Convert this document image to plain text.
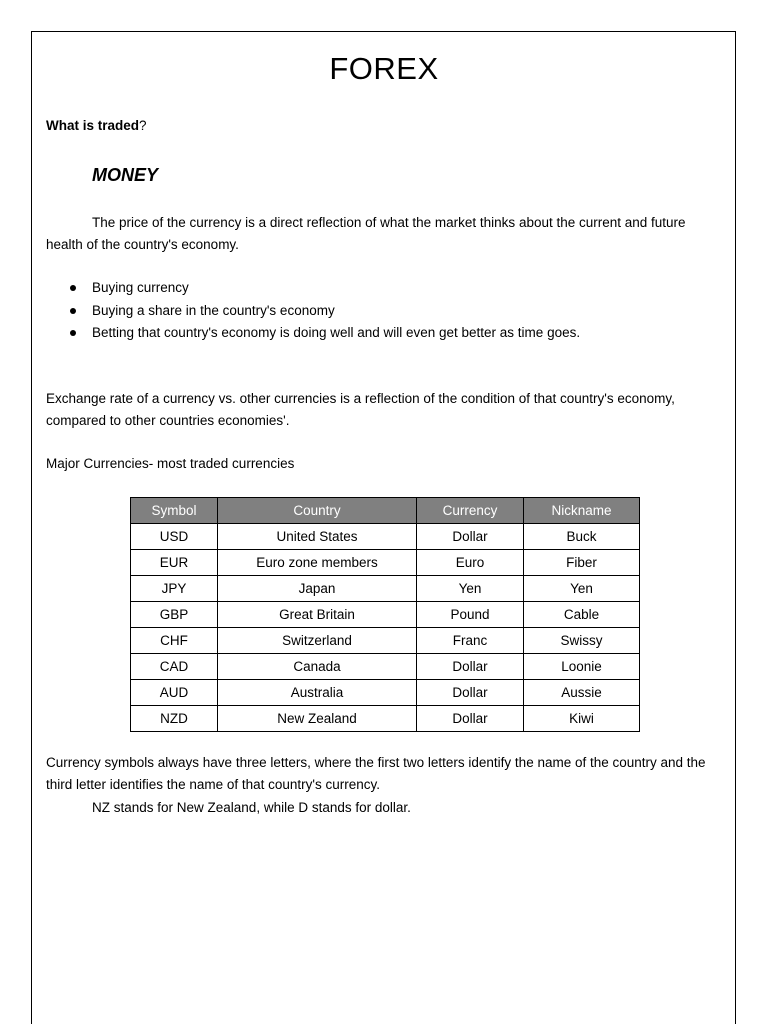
FOREX
What is traded?
MONEY

The price of the currency is a direct reflection of what the market thinks about the current and future health of the country's economy.

Buying currency
Buying a share in the country's economy
Betting that country's economy is doing well and will even get better as time goes.

Exchange rate of a currency vs. other currencies is a reflection of the condition of that country's economy, compared to other countries economies'.

Major Currencies- most traded currencies

Symbol	Country	Currency	Nickname
USD	United States	Dollar	Buck
EUR	Euro zone members	Euro	Fiber
JPY	Japan	Yen	Yen
GBP	Great Britain	Pound	Cable
CHF	Switzerland	Franc	Swissy
CAD	Canada	Dollar	Loonie
AUD	Australia	Dollar	Aussie
NZD	New Zealand	Dollar	Kiwi

Currency symbols always have three letters, where the first two letters identify the name of the country and the third letter identifies the name of that country's currency.

NZ stands for New Zealand, while D stands for dollar.
